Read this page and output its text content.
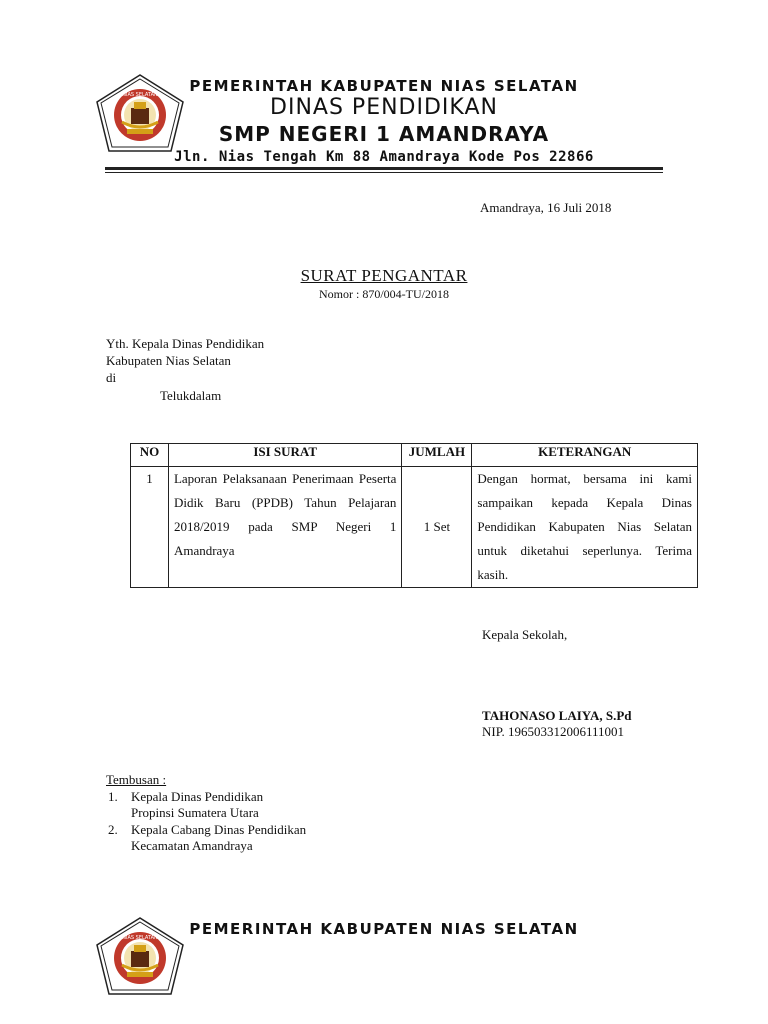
NIAS SELATAN	PEMERINTAH KABUPATEN NIAS SELATAN
DINAS PENDIDIKAN
SMP NEGERI 1 AMANDRAYA
Jln. Nias Tengah Km 88 Amandraya Kode Pos 22866
Amandraya, 16 Juli 2018
SURAT PENGANTAR
Nomor : 870/004-TU/2018
Yth. Kepala Dinas Pendidikan
Kabupaten Nias Selatan
di
Telukdalam
NO	ISI SURAT	JUMLAH	KETERANGAN
1	Laporan Pelaksanaan Penerimaan Peserta Didik Baru (PPDB) Tahun Pelajaran 2018/2019 pada SMP Negeri 1 Amandraya	1 Set	Dengan hormat, bersama ini kami sampaikan kepada Kepala Dinas Pendidikan Kabupaten Nias Selatan untuk diketahui seperlunya. Terima kasih.
Kepala Sekolah,
TAHONASO LAIYA, S.Pd
NIP. 196503312006111001
Tembusan :
1. Kepala Dinas Pendidikan
Propinsi Sumatera Utara
2. Kepala Cabang Dinas Pendidikan
Kecamatan Amandraya
NIAS SELATAN	PEMERINTAH KABUPATEN NIAS SELATAN
